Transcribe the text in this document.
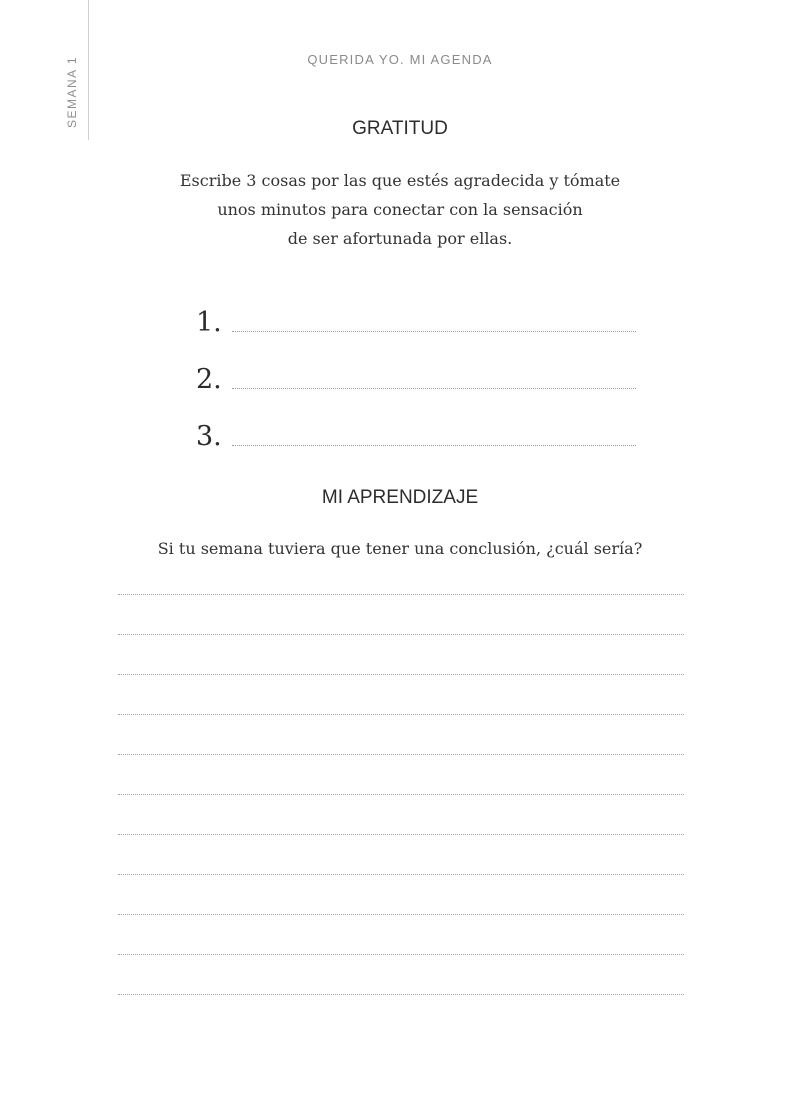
SEMANA 1	QUERIDA YO. MI AGENDA
GRATITUD
Escribe 3 cosas por las que estés agradecida y tómate
unos minutos para conectar con la sensación
de ser afortunada por ellas.
1.
2.
3.
MI APRENDIZAJE
Si tu semana tuviera que tener una conclusión, ¿cuál sería?
